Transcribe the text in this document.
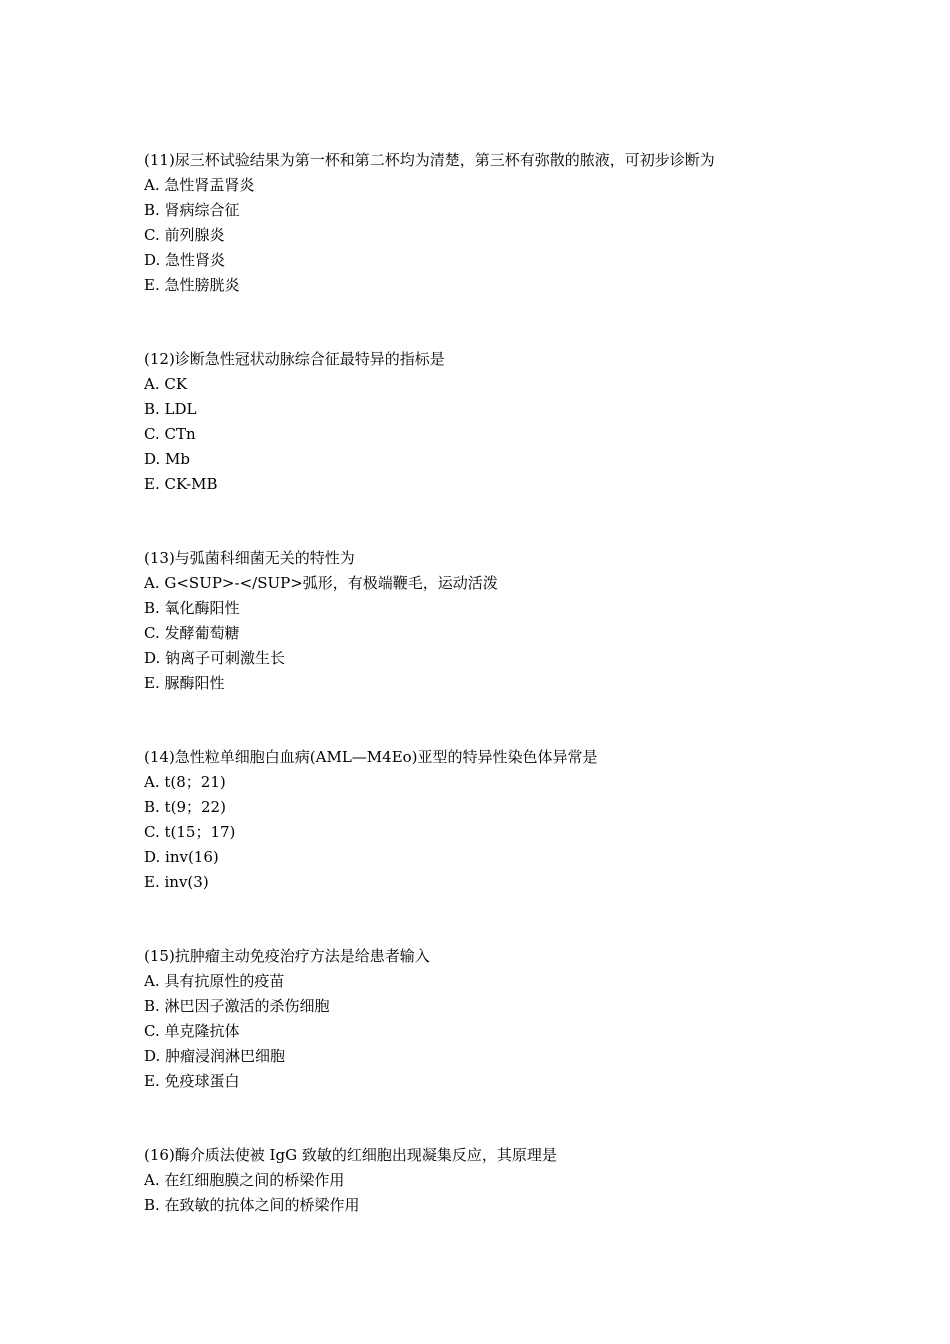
(11)尿三杯试验结果为第一杯和第二杯均为清楚，第三杯有弥散的脓液，可初步诊断为
A. 急性肾盂肾炎
B. 肾病综合征
C. 前列腺炎
D. 急性肾炎
E. 急性膀胱炎
(12)诊断急性冠状动脉综合征最特异的指标是
A. CK
B. LDL
C. CTn
D. Mb
E. CK-MB
(13)与弧菌科细菌无关的特性为
A. G<SUP>-</SUP>弧形，有极端鞭毛，运动活泼
B. 氧化酶阳性
C. 发酵葡萄糖
D. 钠离子可刺激生长
E. 脲酶阳性
(14)急性粒单细胞白血病(AML—M4Eo)亚型的特异性染色体异常是
A. t(8；21)
B. t(9；22)
C. t(15；17)
D. inv(16)
E. inv(3)
(15)抗肿瘤主动免疫治疗方法是给患者输入
A. 具有抗原性的疫苗
B. 淋巴因子激活的杀伤细胞
C. 单克隆抗体
D. 肿瘤浸润淋巴细胞
E. 免疫球蛋白
(16)酶介质法使被 IgG 致敏的红细胞出现凝集反应，其原理是
A. 在红细胞膜之间的桥梁作用
B. 在致敏的抗体之间的桥梁作用
